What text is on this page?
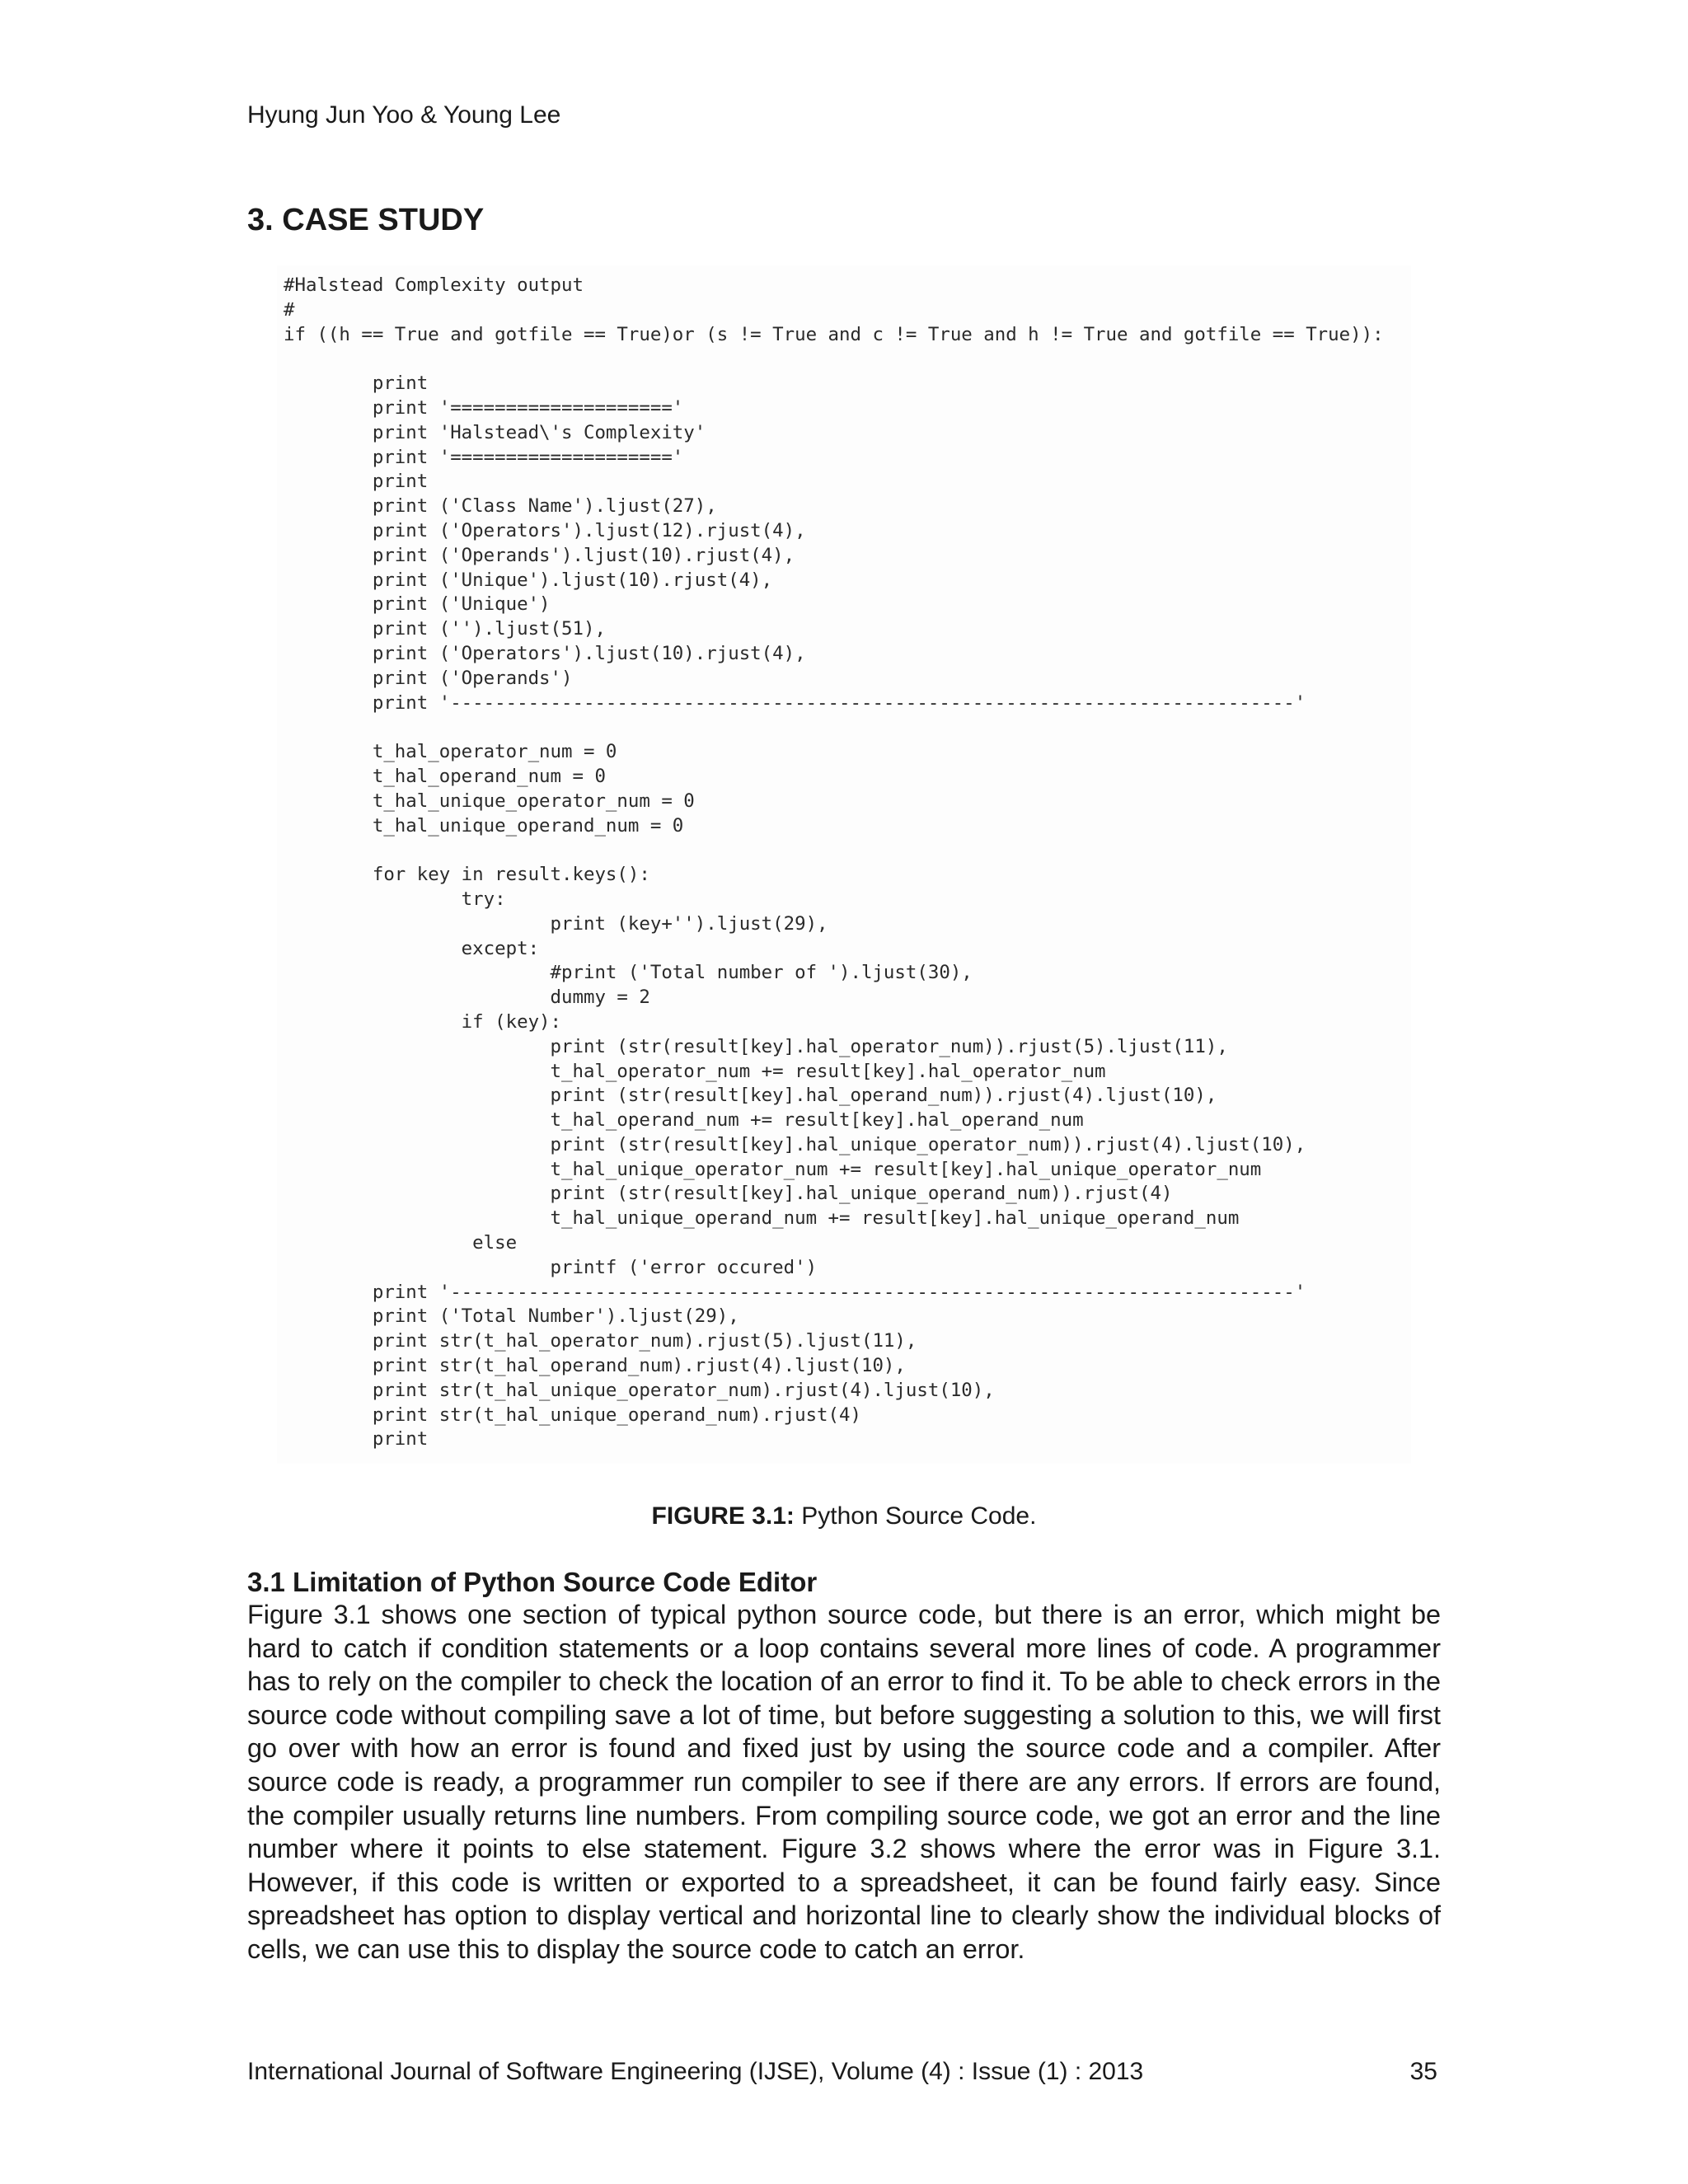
Hyung Jun Yoo & Young Lee
3. CASE STUDY
#Halstead Complexity output
#
if ((h == True and gotfile == True)or (s != True and c != True and h != True and gotfile == True)):
print
print '===================='
print 'Halstead\'s Complexity'
print '===================='
print
print ('Class Name').ljust(27),
print ('Operators').ljust(12).rjust(4),
print ('Operands').ljust(10).rjust(4),
print ('Unique').ljust(10).rjust(4),
print ('Unique')
print ('').ljust(51),
print ('Operators').ljust(10).rjust(4),
print ('Operands')
print '----------------------------------------------------------------------------'
t_hal_operator_num = 0
t_hal_operand_num = 0
t_hal_unique_operator_num = 0
t_hal_unique_operand_num = 0
for key in result.keys():
try:
print (key+'').ljust(29),
except:
#print ('Total number of ').ljust(30),
dummy = 2
if (key):
print (str(result[key].hal_operator_num)).rjust(5).ljust(11),
t_hal_operator_num += result[key].hal_operator_num
print (str(result[key].hal_operand_num)).rjust(4).ljust(10),
t_hal_operand_num += result[key].hal_operand_num
print (str(result[key].hal_unique_operator_num)).rjust(4).ljust(10),
t_hal_unique_operator_num += result[key].hal_unique_operator_num
print (str(result[key].hal_unique_operand_num)).rjust(4)
t_hal_unique_operand_num += result[key].hal_unique_operand_num
else
printf ('error occured')
print '----------------------------------------------------------------------------'
print ('Total Number').ljust(29),
print str(t_hal_operator_num).rjust(5).ljust(11),
print str(t_hal_operand_num).rjust(4).ljust(10),
print str(t_hal_unique_operator_num).rjust(4).ljust(10),
print str(t_hal_unique_operand_num).rjust(4)
print
FIGURE 3.1: Python Source Code.
3.1 Limitation of Python Source Code Editor

Figure 3.1 shows one section of typical python source code, but there is an error, which might be hard to catch if condition statements or a loop contains several more lines of code. A programmer has to rely on the compiler to check the location of an error to find it. To be able to check errors in the source code without compiling save a lot of time, but before suggesting a solution to this, we will first go over with how an error is found and fixed just by using the source code and a compiler. After source code is ready, a programmer run compiler to see if there are any errors. If errors are found, the compiler usually returns line numbers. From compiling source code, we got an error and the line number where it points to else statement. Figure 3.2 shows where the error was in Figure 3.1. However, if this code is written or exported to a spreadsheet, it can be found fairly easy. Since spreadsheet has option to display vertical and horizontal line to clearly show the individual blocks of cells, we can use this to display the source code to catch an error.

International Journal of Software Engineering (IJSE), Volume (4) : Issue (1) : 2013	35
